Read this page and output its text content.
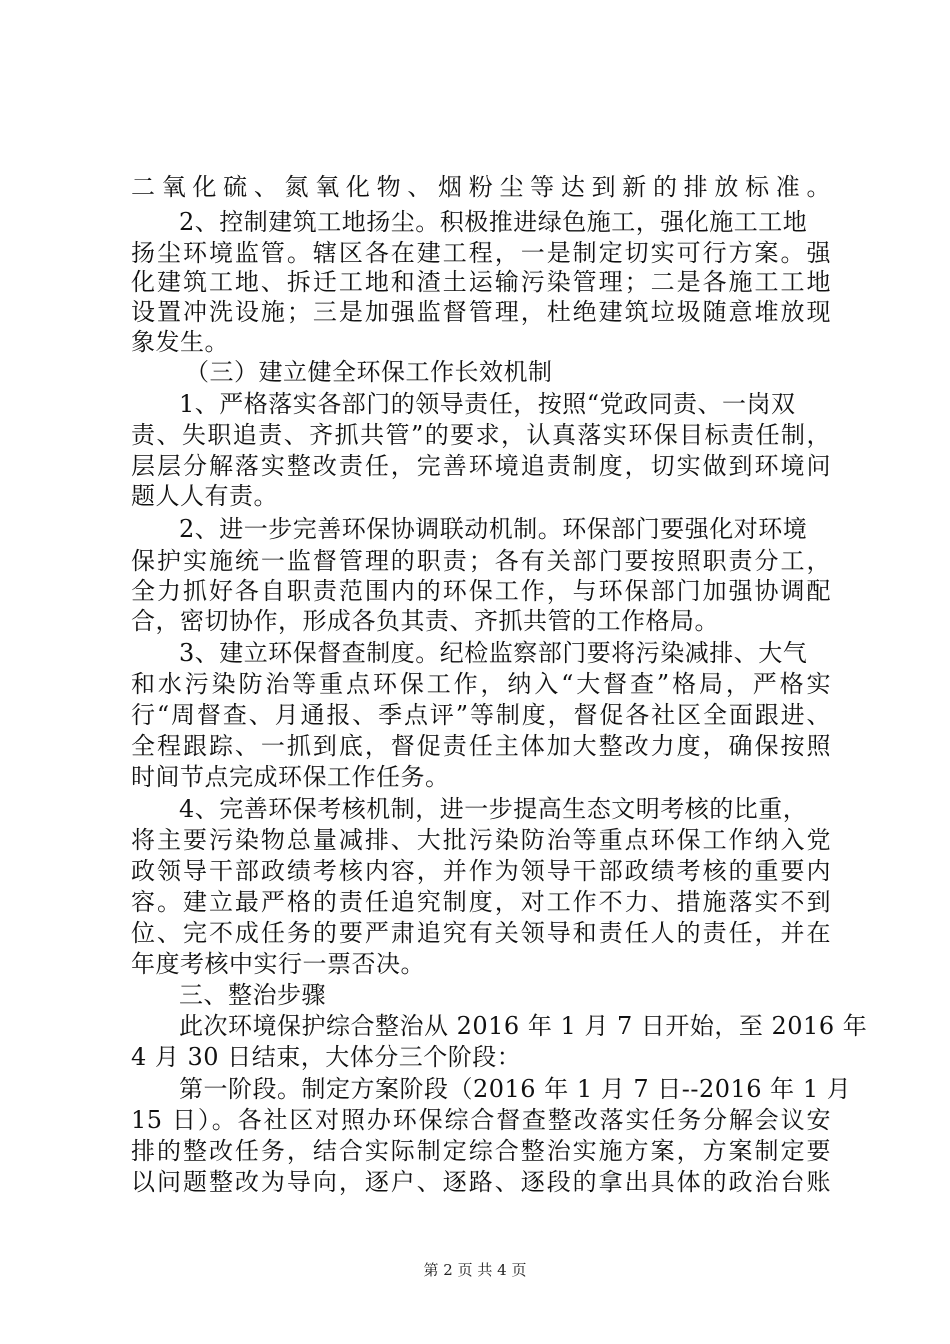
二氧化硫、氮氧化物、烟粉尘等达到新的排放标准。
2、控制建筑工地扬尘。积极推进绿色施工，强化施工工地
扬尘环境监管。辖区各在建工程，一是制定切实可行方案。强
化建筑工地、拆迁工地和渣土运输污染管理；二是各施工工地
设置冲洗设施；三是加强监督管理，杜绝建筑垃圾随意堆放现
象发生。
（三）建立健全环保工作长效机制
1、严格落实各部门的领导责任，按照“党政同责、一岗双
责、失职追责、齐抓共管”的要求，认真落实环保目标责任制，
层层分解落实整改责任，完善环境追责制度，切实做到环境问
题人人有责。
2、进一步完善环保协调联动机制。环保部门要强化对环境
保护实施统一监督管理的职责；各有关部门要按照职责分工，
全力抓好各自职责范围内的环保工作，与环保部门加强协调配
合，密切协作，形成各负其责、齐抓共管的工作格局。
3、建立环保督查制度。纪检监察部门要将污染减排、大气
和水污染防治等重点环保工作，纳入“大督查”格局，严格实
行“周督查、月通报、季点评”等制度，督促各社区全面跟进、
全程跟踪、一抓到底，督促责任主体加大整改力度，确保按照
时间节点完成环保工作任务。
4、完善环保考核机制，进一步提高生态文明考核的比重，
将主要污染物总量减排、大批污染防治等重点环保工作纳入党
政领导干部政绩考核内容，并作为领导干部政绩考核的重要内
容。建立最严格的责任追究制度，对工作不力、措施落实不到
位、完不成任务的要严肃追究有关领导和责任人的责任，并在
年度考核中实行一票否决。
三、整治步骤
此次环境保护综合整治从 2016 年 1 月 7 日开始，至 2016 年
4 月 30 日结束，大体分三个阶段：
第一阶段。制定方案阶段（2016 年 1 月 7 日--2016 年 1 月
15 日）。各社区对照办环保综合督查整改落实任务分解会议安
排的整改任务，结合实际制定综合整治实施方案，方案制定要
以问题整改为导向，逐户、逐路、逐段的拿出具体的政治台账
第 2 页 共 4 页
